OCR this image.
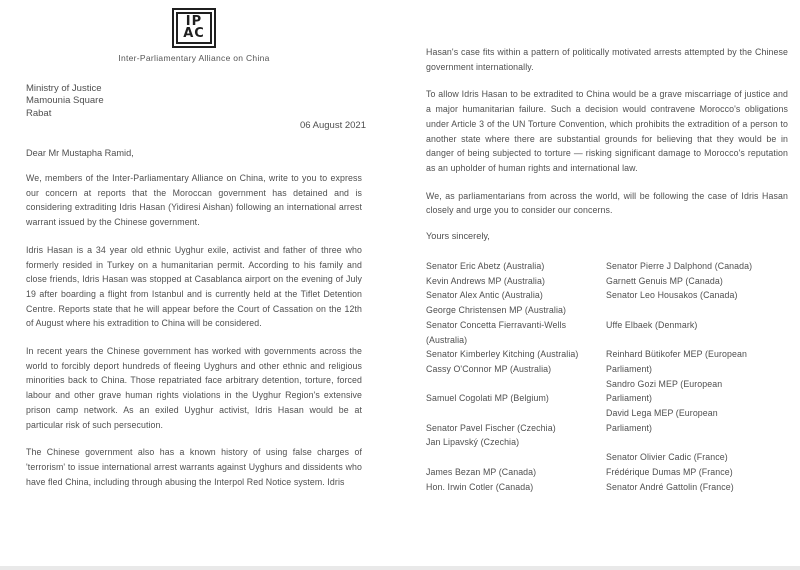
IP
AC
Inter-Parliamentary Alliance on China
Ministry of Justice
Mamounia Square
Rabat
06 August 2021
Dear Mr Mustapha Ramid,

We, members of the Inter-Parliamentary Alliance on China, write to you to express our concern at reports that the Moroccan government has detained and is considering extraditing Idris Hasan (Yidiresi Aishan) following an international arrest warrant issued by the Chinese government.

Idris Hasan is a 34 year old ethnic Uyghur exile, activist and father of three who formerly resided in Turkey on a humanitarian permit. According to his family and close friends, Idris Hasan was stopped at Casablanca airport on the evening of July 19 after boarding a flight from Istanbul and is currently held at the Tiflet Detention Centre. Reports state that he will appear before the Court of Cassation on the 12th of August where his extradition to China will be considered.

In recent years the Chinese government has worked with governments across the world to forcibly deport hundreds of fleeing Uyghurs and other ethnic and religious minorities back to China. Those repatriated face arbitrary detention, torture, forced labour and other grave human rights violations in the Uyghur Region's extensive prison camp network. As an exiled Uyghur activist, Idris Hasan would be at particular risk of such persecution.

The Chinese government also has a known history of using false charges of 'terrorism' to issue international arrest warrants against Uyghurs and dissidents who have fled China, including through abusing the Interpol Red Notice system. Idris

Hasan's case fits within a pattern of politically motivated arrests attempted by the Chinese government internationally.

To allow Idris Hasan to be extradited to China would be a grave miscarriage of justice and a major humanitarian failure. Such a decision would contravene Morocco's obligations under Article 3 of the UN Torture Convention, which prohibits the extradition of a person to another state where there are substantial grounds for believing that they would be in danger of being subjected to torture — risking significant damage to Morocco's reputation as an upholder of human rights and international law.

We, as parliamentarians from across the world, will be following the case of Idris Hasan closely and urge you to consider our concerns.

Yours sincerely,
Senator Eric Abetz (Australia)
Kevin Andrews MP (Australia)
Senator Alex Antic (Australia)
George Christensen MP (Australia)
Senator Concetta Fierravanti-Wells (Australia)
Senator Kimberley Kitching (Australia)
Cassy O'Connor MP (Australia)
Samuel Cogolati MP (Belgium)
Senator Pavel Fischer (Czechia)
Jan Lipavský (Czechia)
James Bezan MP (Canada)
Hon. Irwin Cotler (Canada)
Senator Pierre J Dalphond (Canada)
Garnett Genuis MP (Canada)
Senator Leo Housakos (Canada)
Uffe Elbaek (Denmark)
Reinhard Bütikofer MEP (European Parliament)
Sandro Gozi MEP (European Parliament)
David Lega MEP (European Parliament)
Senator Olivier Cadic (France)
Frédérique Dumas MP (France)
Senator André Gattolin (France)
